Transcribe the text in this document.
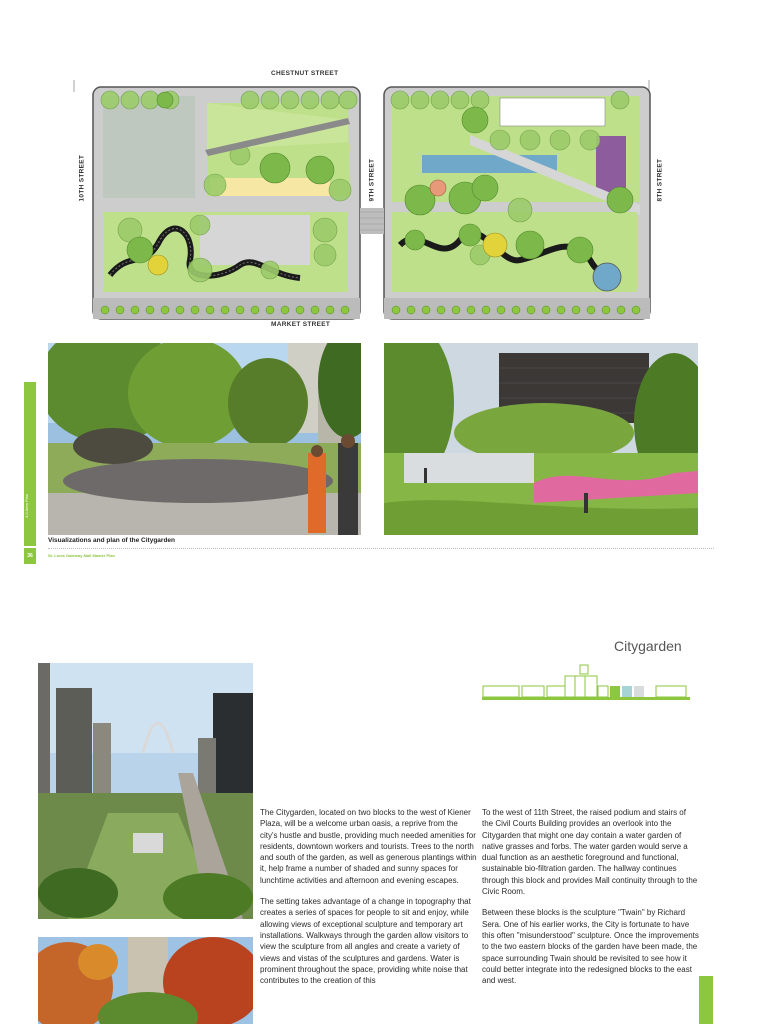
CHESTNUT STREET
MARKET STREET
10TH STREET	9TH STREET	8TH STREET
4.0 Area Plan
36
Visualizations and plan of the Citygarden
St. Louis Gateway Mall Master Plan
Citygarden

The Citygarden, located on two blocks to the west of Kiener Plaza, will be a welcome urban oasis, a reprive from the city's hustle and bustle, providing much needed amenities for residents, downtown workers and tourists. Trees to the north and south of the garden, as well as generous plantings within it, help frame a number of shaded and sunny spaces for lunchtime activities and afternoon and evening escapes.

The setting takes advantage of a change in topography that creates a series of spaces for people to sit and enjoy, while allowing views of exceptional sculpture and temporary art installations. Walkways through the garden allow visitors to view the sculpture from all angles and create a variety of views and vistas of the sculptures and gardens. Water is prominent throughout the space, providing white noise that contributes to the creation of this

To the west of 11th Street, the raised podium and stairs of the Civil Courts Building provides an overlook into the Citygarden that might one day contain a water garden of native grasses and forbs. The water garden would serve a dual function as an aesthetic foreground and functional, sustainable bio-filtration garden. The hallway continues through this block and provides Mall continuity through to the Civic Room.

Between these blocks is the sculpture "Twain" by Richard Sera. One of his earlier works, the City is fortunate to have this often "misunderstood" sculpture. Once the improvements to the two eastern blocks of the garden have been made, the space surrounding Twain should be revisited to see how it could better integrate into the redesigned blocks to the east and west.
